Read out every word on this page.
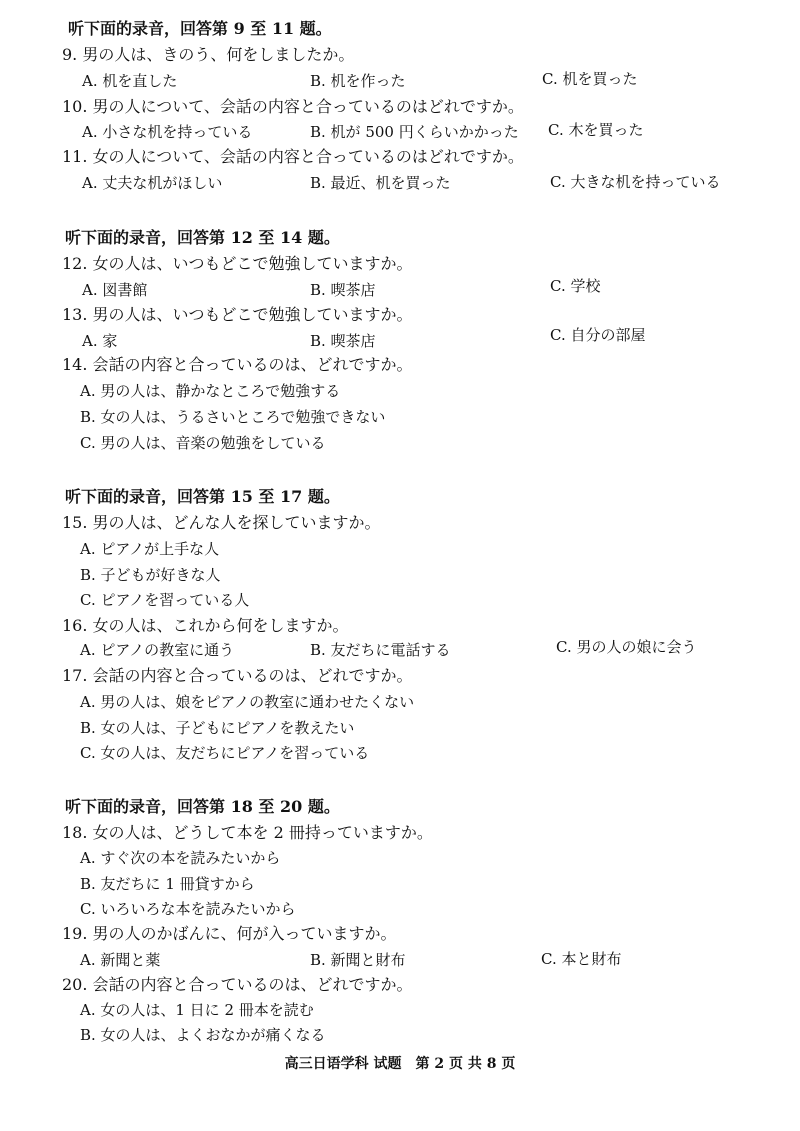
听下面的录音，回答第 9 至 11 题。
9. 男の人は、きのう、何をしましたか。
A. 机を直した	B. 机を作った	C. 机を買った
10. 男の人について、会話の内容と合っているのはどれですか。
A. 小さな机を持っている	B. 机が 500 円くらいかかった C. 木を買った
11. 女の人について、会話の内容と合っているのはどれですか。
A. 丈夫な机がほしい	B. 最近、机を買った	C. 大きな机を持っている
听下面的录音，回答第 12 至 14 题。
12. 女の人は、いつもどこで勉強していますか。
A. 図書館	B. 喫茶店	C. 学校
13. 男の人は、いつもどこで勉強していますか。
A. 家	B. 喫茶店	C. 自分の部屋
14. 会話の内容と合っているのは、どれですか。
A. 男の人は、静かなところで勉強する
B. 女の人は、うるさいところで勉強できない
C. 男の人は、音楽の勉強をしている
听下面的录音，回答第 15 至 17 题。
15. 男の人は、どんな人を探していますか。
A. ピアノが上手な人
B. 子どもが好きな人
C. ピアノを習っている人
16. 女の人は、これから何をしますか。
A. ピアノの教室に通う	B. 友だちに電話する	C. 男の人の娘に会う
17. 会話の内容と合っているのは、どれですか。
A. 男の人は、娘をピアノの教室に通わせたくない
B. 女の人は、子どもにピアノを教えたい
C. 女の人は、友だちにピアノを習っている
听下面的录音，回答第 18 至 20 题。
18. 女の人は、どうして本を 2 冊持っていますか。
A. すぐ次の本を読みたいから
B. 友だちに 1 冊貸すから
C. いろいろな本を読みたいから
19. 男の人のかばんに、何が入っていますか。
A. 新聞と薬	B. 新聞と財布	C. 本と財布
20. 会話の内容と合っているのは、どれですか。
A. 女の人は、1 日に 2 冊本を読む
B. 女の人は、よくおなかが痛くなる
高三日语学科 试题　第 2 页 共 8 页
